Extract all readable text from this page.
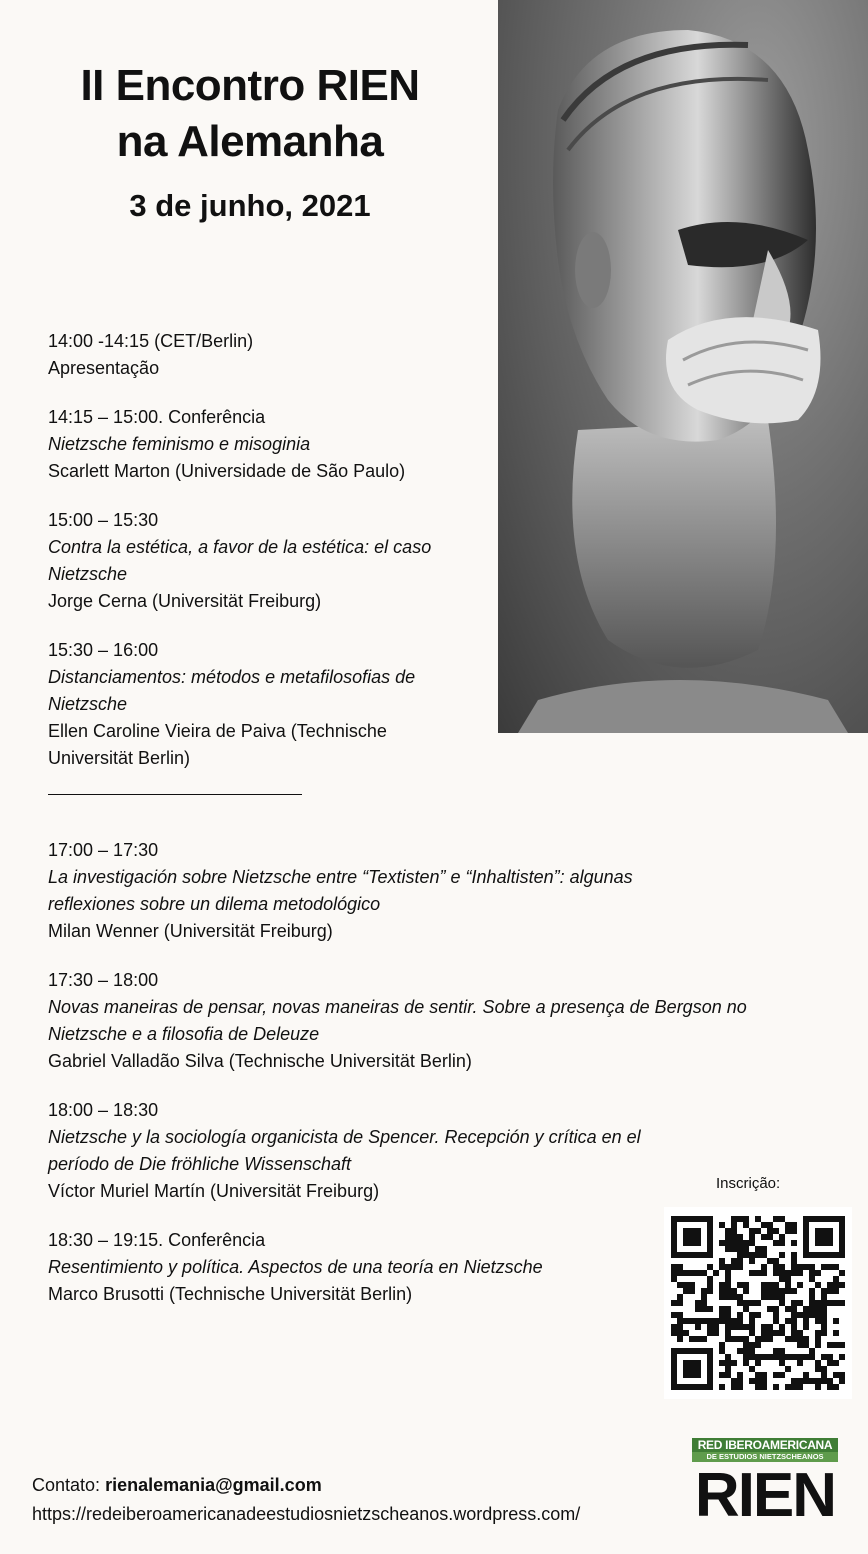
II Encontro RIEN
na Alemanha
3 de junho, 2021
14:00 -14:15 (CET/Berlin)
Apresentação
14:15 – 15:00. Conferência
Nietzsche feminismo e misoginia
Scarlett Marton (Universidade de São Paulo)
15:00 – 15:30
Contra la estética, a favor de la estética: el caso Nietzsche
Jorge Cerna (Universität Freiburg)
15:30 – 16:00
Distanciamentos: métodos e metafilosofias de Nietzsche
Ellen Caroline Vieira de Paiva (Technische Universität Berlin)
17:00 – 17:30
La investigación sobre Nietzsche entre “Textisten” e “Inhaltisten”: algunas reflexiones sobre un dilema metodológico
Milan Wenner (Universität Freiburg)
17:30 – 18:00
Novas maneiras de pensar, novas maneiras de sentir. Sobre a presença de Bergson no Nietzsche e a filosofia de Deleuze
Gabriel Valladão Silva (Technische Universität Berlin)
18:00 – 18:30
Nietzsche y la sociología organicista de Spencer. Recepción y crítica en el período de Die fröhliche Wissenschaft
Víctor Muriel Martín (Universität Freiburg)
18:30 – 19:15. Conferência
Resentimiento y política. Aspectos de una teoría en Nietzsche
Marco Brusotti (Technische Universität Berlin)
Inscrição:
Contato: rienalemania@gmail.com
https://redeiberoamericanadeestudiosnietzscheanos.wordpress.com/
RED IBEROAMERICANA
DE ESTUDIOS NIETZSCHEANOS
RIEN
